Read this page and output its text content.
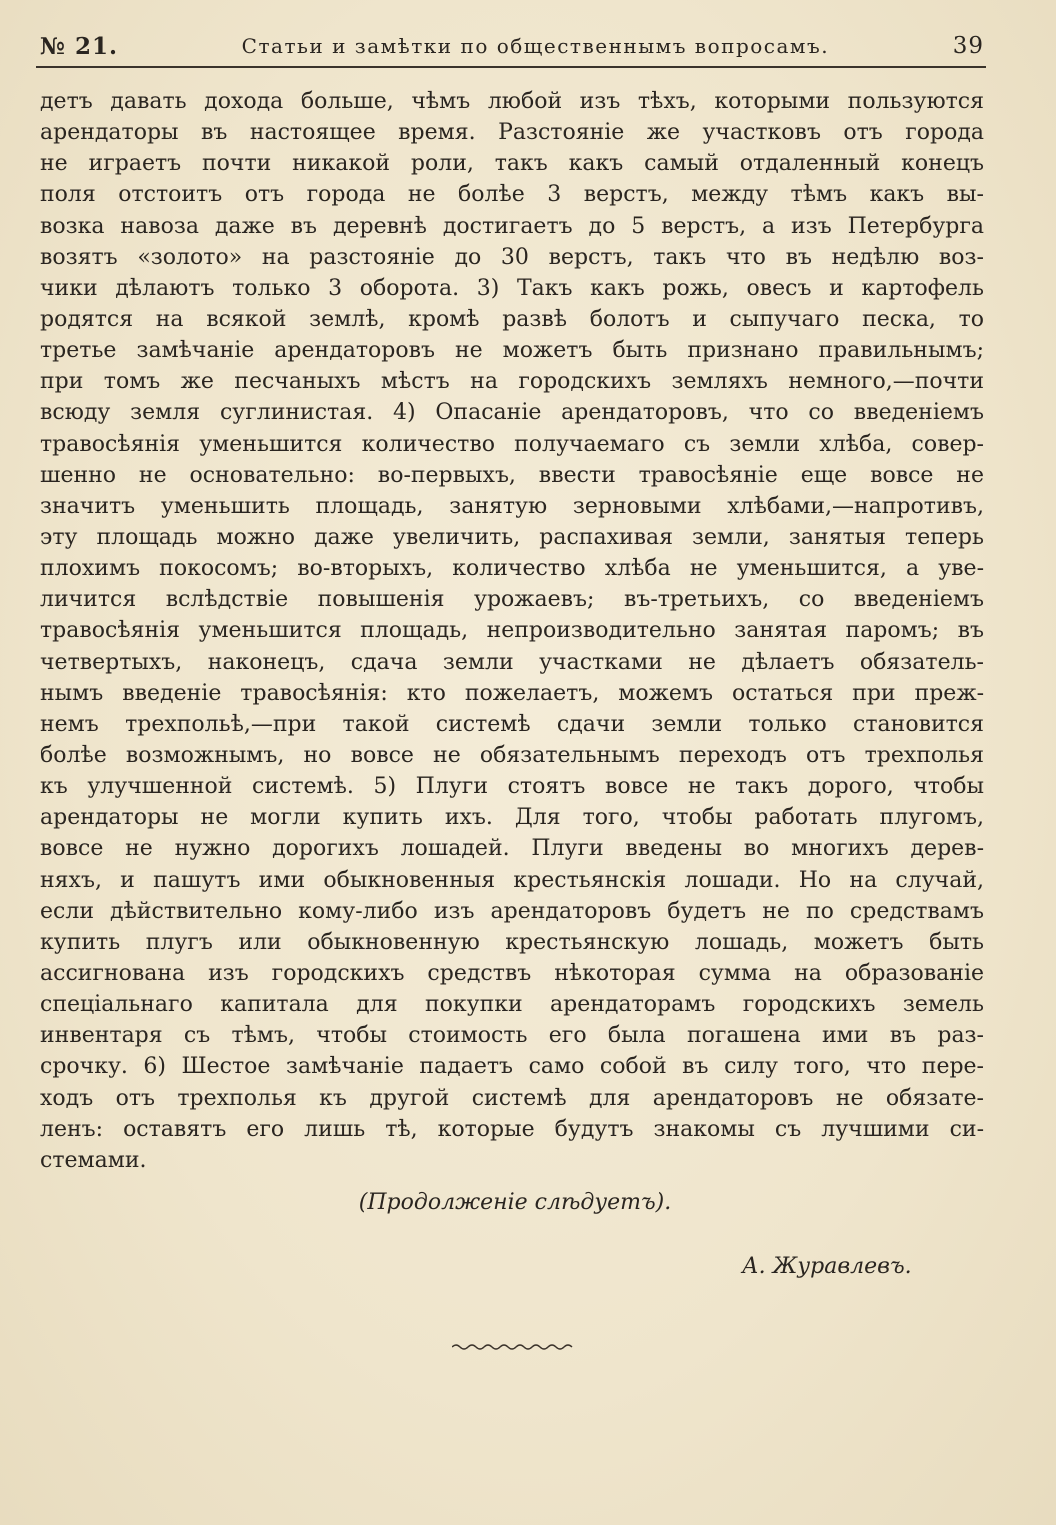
№ 21.	Статьи и замѣтки по общественнымъ вопросамъ.	39
детъ давать дохода больше, чѣмъ любой изъ тѣхъ, которыми пользуются
арендаторы въ настоящее время. Разстояніе же участковъ отъ города
не играетъ почти никакой роли, такъ какъ самый отдаленный конецъ
поля отстоитъ отъ города не болѣе 3 верстъ, между тѣмъ какъ вы-
возка навоза даже въ деревнѣ достигаетъ до 5 верстъ, а изъ Петербурга
возятъ «золото» на разстояніе до 30 верстъ, такъ что въ недѣлю воз-
чики дѣлаютъ только 3 оборота. 3) Такъ какъ рожь, овесъ и картофель
родятся на всякой землѣ, кромѣ развѣ болотъ и сыпучаго песка, то
третье замѣчаніе арендаторовъ не можетъ быть признано правильнымъ;
при томъ же песчаныхъ мѣстъ на городскихъ земляхъ немного,—почти
всюду земля суглинистая. 4) Опасаніе арендаторовъ, что со введеніемъ
травосѣянія уменьшится количество получаемаго съ земли хлѣба, совер-
шенно не основательно: во-первыхъ, ввести травосѣяніе еще вовсе не
значитъ уменьшить площадь, занятую зерновыми хлѣбами,—напротивъ,
эту площадь можно даже увеличить, распахивая земли, занятыя теперь
плохимъ покосомъ; во-вторыхъ, количество хлѣба не уменьшится, а уве-
личится вслѣдствіе повышенія урожаевъ; въ-третьихъ, со введеніемъ
травосѣянія уменьшится площадь, непроизводительно занятая паромъ; въ
четвертыхъ, наконецъ, сдача земли участками не дѣлаетъ обязатель-
нымъ введеніе травосѣянія: кто пожелаетъ, можемъ остаться при преж-
немъ трехпольѣ,—при такой системѣ сдачи земли только становится
болѣе возможнымъ, но вовсе не обязательнымъ переходъ отъ трехполья
къ улучшенной системѣ. 5) Плуги стоятъ вовсе не такъ дорого, чтобы
арендаторы не могли купить ихъ. Для того, чтобы работать плугомъ,
вовсе не нужно дорогихъ лошадей. Плуги введены во многихъ дерев-
няхъ, и пашутъ ими обыкновенныя крестьянскія лошади. Но на случай,
если дѣйствительно кому-либо изъ арендаторовъ будетъ не по средствамъ
купить плугъ или обыкновенную крестьянскую лошадь, можетъ быть
ассигнована изъ городскихъ средствъ нѣкоторая сумма на образованіе
спеціальнаго капитала для покупки арендаторамъ городскихъ земель
инвентаря съ тѣмъ, чтобы стоимость его была погашена ими въ раз-
срочку. 6) Шестое замѣчаніе падаетъ само собой въ силу того, что пере-
ходъ отъ трехполья къ другой системѣ для арендаторовъ не обязате-
ленъ: оставятъ его лишь тѣ, которые будутъ знакомы съ лучшими си-
стемами.
(Продолженіе слѣдуетъ).
А. Журавлевъ.
